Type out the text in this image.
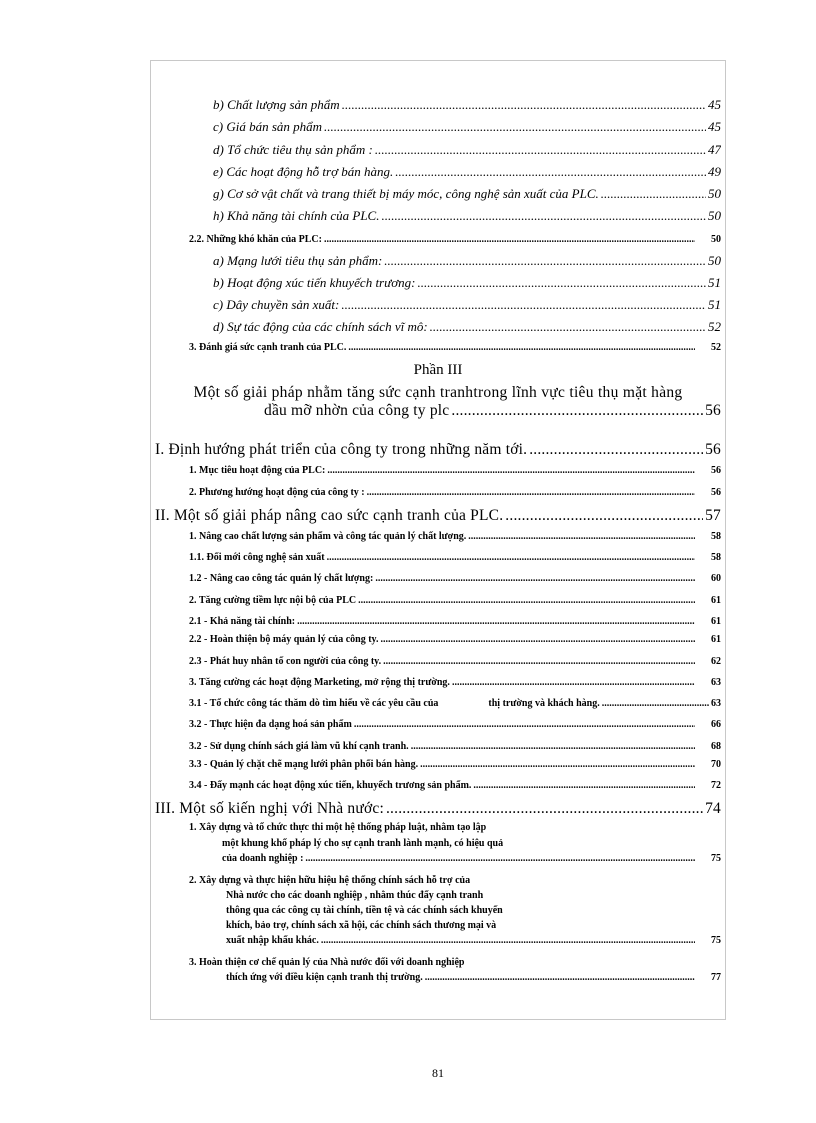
b) Chất lượng sản phẩm .....	45
c) Giá bán sản phẩm .....	45
d) Tổ chức tiêu thụ sản phẩm : .....	47
e) Các hoạt động hỗ trợ bán hàng. .....	49
g) Cơ sở vật chất và trang thiết bị máy móc, công nghệ sản xuất của PLC. .....	50
h) Khả năng tài chính của PLC. .....	50
2.2. Những khó khăn của PLC: .....	50
a) Mạng lưới tiêu thụ sản phẩm: .....	50
b) Hoạt động xúc tiến khuyếch trương: .....	51
c) Dây chuyền sản xuất: .....	51
d) Sự tác động của các chính sách vĩ mô: .....	52
3. Đánh giá sức cạnh tranh của PLC. .....	52
Phần III
Một số giải pháp nhằm tăng sức cạnh tranhtrong lĩnh vực tiêu thụ mặt hàng
dầu mỡ nhờn của công ty plc .....	56
I. Định hướng phát triển của công ty trong những năm tới. .....	56
1. Mục tiêu hoạt động của PLC: .....	56
2. Phương hướng hoạt động của công ty : .....	56
II. Một số giải pháp nâng cao sức cạnh tranh của PLC. .....	57
1. Nâng cao chất lượng sản phẩm và công tác quản lý chất lượng. .....	58
1.1. Đổi mới công nghệ sản xuất .....	58
1.2 - Nâng cao công tác quản lý chất lượng: .....	60
2. Tăng cường tiềm lực nội bộ của PLC .....	61
2.1 - Khả năng tài chính: .....	61
2.2 - Hoàn thiện bộ máy quản lý của công ty. .....	61
2.3 - Phát huy nhân tố con người của công ty. .....	62
3. Tăng cường các hoạt động Marketing, mở rộng thị trường. .....	63
3.1 - Tổ chức công tác thăm dò tìm hiểu về các yêu cầu của	thị trường và khách hàng. .....	63
3.2 - Thực hiện đa dạng hoá sản phẩm .....	66
3.2 - Sử dụng chính sách giá làm vũ khí cạnh tranh. .....	68
3.3 - Quản lý chặt chẽ mạng lưới phân phối bán hàng. .....	70
3.4 - Đẩy mạnh các hoạt động xúc tiến, khuyếch trương sản phẩm. .....	72
III. Một số kiến nghị với Nhà nước: .....	74
1. Xây dựng và tổ chức thực thi một hệ thống pháp luật, nhằm tạo lập
một khung khổ pháp lý cho sự cạnh tranh lành mạnh, có hiệu quả
của doanh nghiệp : .....	75
2. Xây dựng và thực hiện hữu hiệu hệ thống chính sách hỗ trợ của
Nhà nước cho các doanh nghiệp , nhằm thúc đẩy cạnh tranh
thông qua các công cụ tài chính, tiền tệ và các chính sách khuyến
khích, bảo trợ, chính sách xã hội, các chính sách thương mại và
xuất nhập khẩu khác. .....	75
3. Hoàn thiện cơ chế quản lý của Nhà nước đối với doanh nghiệp
thích ứng với điều kiện cạnh tranh thị trường. .....	77
81
